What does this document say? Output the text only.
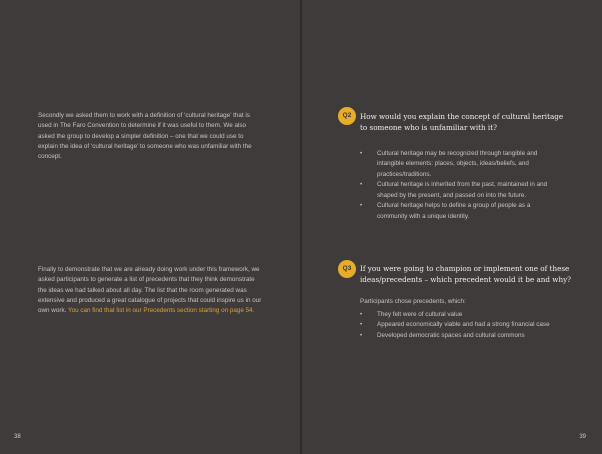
Secondly we asked them to work with a definition of ‘cultural heritage’ that is used in The Faro Convention to determine if it was useful to them. We also asked the group to develop a simpler definition – one that we could use to explain the idea of ‘cultural heritage’ to someone who was unfamiliar with the concept.

Finally to demonstrate that we are already doing work under this framework, we asked participants to generate a list of precedents that they think demonstrate the ideas we had talked about all day. The list that the room generated was extensive and produced a great catalogue of projects that could inspire us in our own work. You can find that list in our Precedents section starting on page 54.

38
Q2	How would you explain the concept of cultural heritage to someone who is unfamiliar with it?

• Cultural heritage may be recognized through tangible and intangible elements: places, objects, ideas/beliefs, and practices/traditions.
• Cultural heritage is inherited from the past, maintained in and shaped by the present, and passed on into the future.
• Cultural heritage helps to define a group of people as a community with a unique identity.
Q3	If you were going to champion or implement one of these ideas/precedents – which precedent would it be and why?

Participants chose precedents, which:

• They felt were of cultural value
• Appeared economically viable and had a strong financial case
• Developed democratic spaces and cultural commons
39
